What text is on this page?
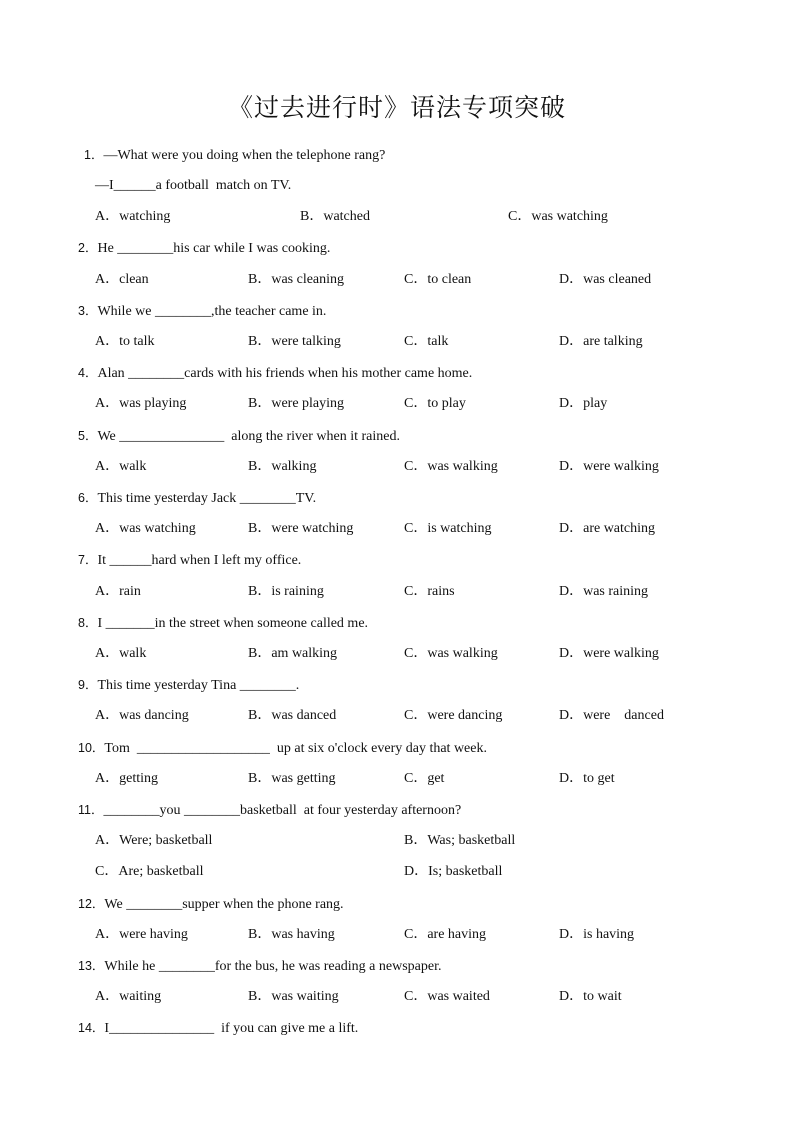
《过去进行时》语法专项突破
1．—What were you doing when the telephone rang?
—I______a football  match on TV.
A．watching	B．watched	C．was watching
2．He ________his car while I was cooking.
A．clean	B．was cleaning	C．to clean	D．was cleaned
3．While we ________,the teacher came in.
A．to talk	B．were talking	C．talk	D．are talking
4．Alan ________cards with his friends when his mother came home.
A．was playing	B．were playing	C．to play	D．play
5．We _______________  along the river when it rained.
A．walk	B．walking	C．was walking	D．were walking
6．This time yesterday Jack ________TV.
A．was watching	B．were watching	C．is watching	D．are watching
7．It ______hard when I left my office.
A．rain	B．is raining	C．rains	D．was raining
8．I _______in the street when someone called me.
A．walk	B．am walking	C．was walking	D．were walking
9．This time yesterday Tina ________.
A．was dancing	B．was danced	C．were dancing	D．were    danced
10．Tom  ___________________  up at six o'clock every day that week.
A．getting	B．was getting	C．get	D．to get
11．________you ________basketball  at four yesterday afternoon?
A．Were; basketball	B．Was; basketball
C．Are; basketball	D．Is; basketball
12．We ________supper when the phone rang.
A．were having	B．was having	C．are having	D．is having
13．While he ________for the bus, he was reading a newspaper.
A．waiting	B．was waiting	C．was waited	D．to wait
14．I_______________  if you can give me a lift.
